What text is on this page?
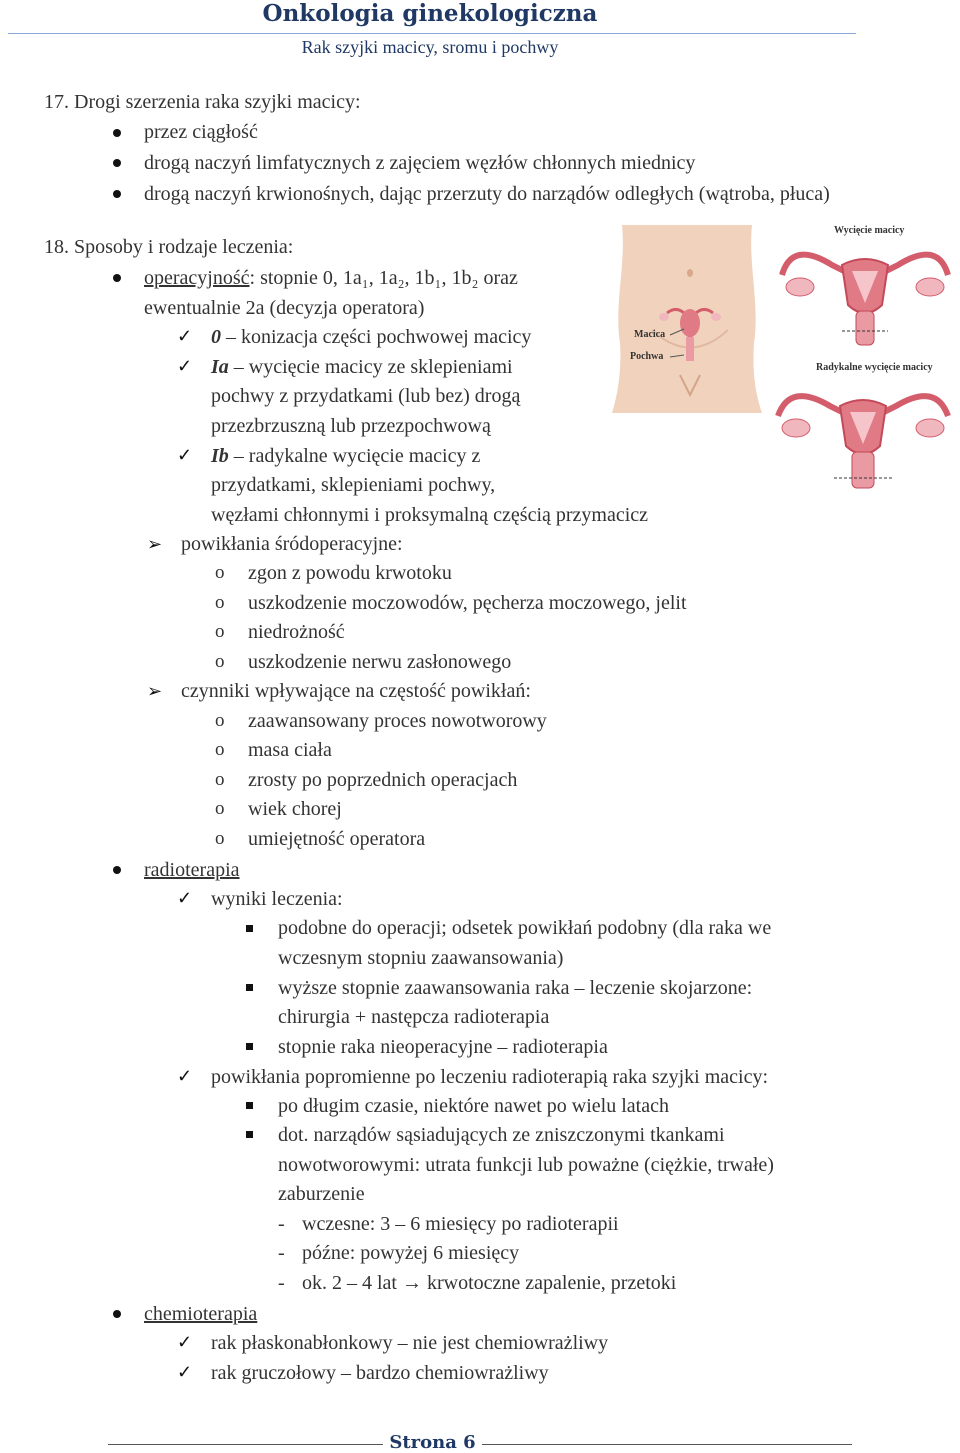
Onkologia ginekologiczna
Rak szyjki macicy, sromu i pochwy
17. Drogi szerzenia raka szyjki macicy:
przez ciągłość
drogą naczyń limfatycznych z zajęciem węzłów chłonnych miednicy
drogą naczyń krwionośnych, dając przerzuty do narządów odległych (wątroba, płuca)
18. Sposoby i rodzaje leczenia:
operacyjność: stopnie 0, 1a₁, 1a₂, 1b₁, 1b₂ oraz
ewentualnie 2a (decyzja operatora)
✓ 0 – konizacja części pochwowej macicy
✓ Ia – wycięcie macicy ze sklepieniami
pochwy z przydatkami (lub bez) drogą
przezbrzuszną lub przezpochwową
✓ Ib – radykalne wycięcie macicy z
przydatkami, sklepieniami pochwy,
węzłami chłonnymi i proksymalną częścią przymacicz
➢ powikłania śródoperacyjne:
o zgon z powodu krwotoku
o uszkodzenie moczowodów, pęcherza moczowego, jelit
o niedrożność
o uszkodzenie nerwu zasłonowego
➢ czynniki wpływające na częstość powikłań:
o zaawansowany proces nowotworowy
o masa ciała
o zrosty po poprzednich operacjach
o wiek chorej
o umiejętność operatora
radioterapia
✓ wyniki leczenia:
podobne do operacji; odsetek powikłań podobny (dla raka we
wczesnym stopniu zaawansowania)
wyższe stopnie zaawansowania raka – leczenie skojarzone:
chirurgia + następcza radioterapia
stopnie raka nieoperacyjne – radioterapia
✓ powikłania popromienne po leczeniu radioterapią raka szyjki macicy:
po długim czasie, niektóre nawet po wielu latach
dot. narządów sąsiadujących ze zniszczonymi tkankami
nowotworowymi: utrata funkcji lub poważne (ciężkie, trwałe)
zaburzenie
- wczesne: 3 – 6 miesięcy po radioterapii
- późne: powyżej 6 miesięcy
- ok. 2 – 4 lat → krwotoczne zapalenie, przetoki
chemioterapia
✓ rak płaskonabłonkowy – nie jest chemiowrażliwy
✓ rak gruczołowy – bardzo chemiowrażliwy
Macica
Pochwa
Wycięcie macicy
Radykalne wycięcie macicy
Strona 6
